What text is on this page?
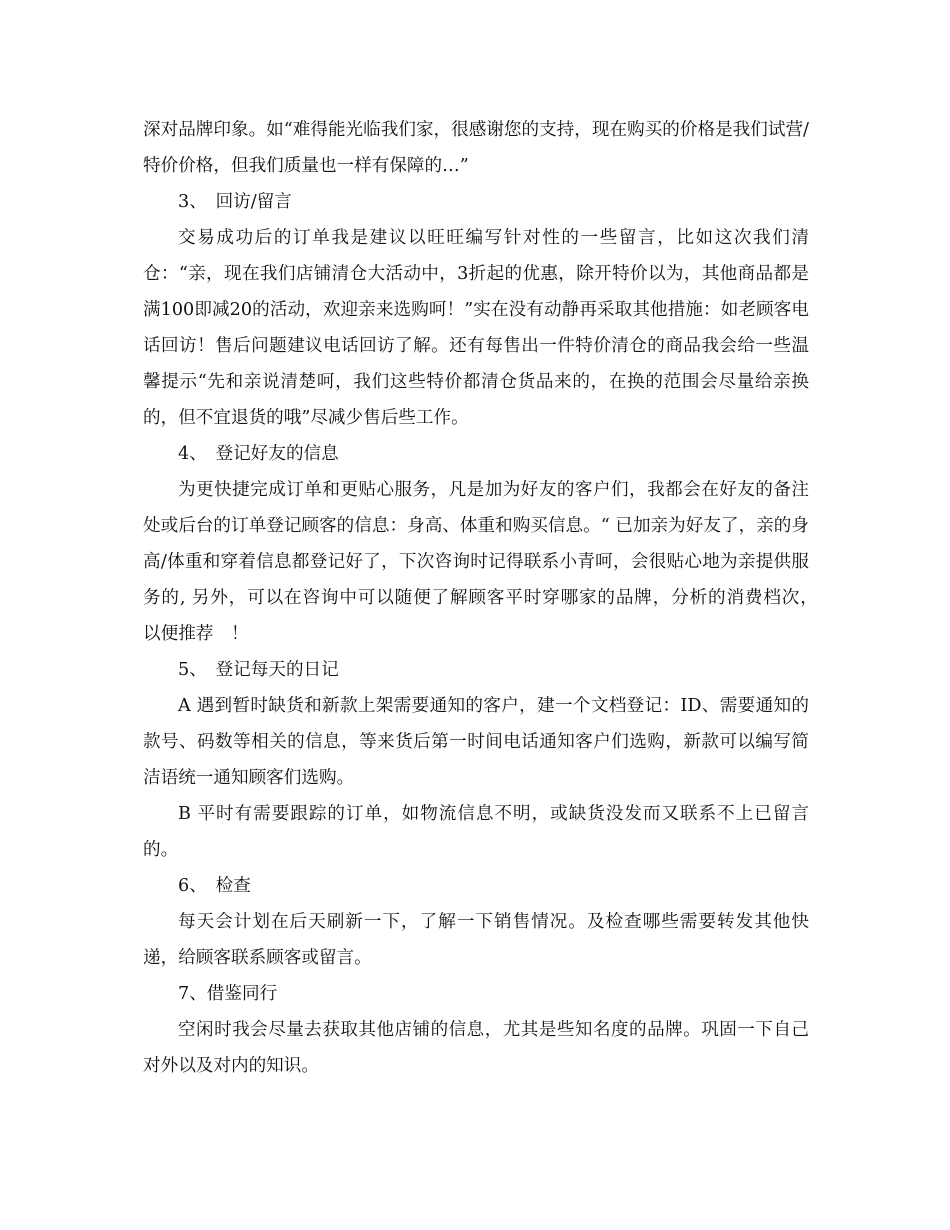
深对品牌印象。如“难得能光临我们家，很感谢您的支持，现在购买的价格是我们试营/特价价格，但我们质量也一样有保障的…”

3、　回访/留言

交易成功后的订单我是建议以旺旺编写针对性的一些留言，比如这次我们清仓：“亲，现在我们店铺清仓大活动中，3折起的优惠，除开特价以为，其他商品都是满100即减20的活动，欢迎亲来选购呵！”实在没有动静再采取其他措施：如老顾客电话回访！售后问题建议电话回访了解。还有每售出一件特价清仓的商品我会给一些温馨提示“先和亲说清楚呵，我们这些特价都清仓货品来的，在换的范围会尽量给亲换的，但不宜退货的哦”尽减少售后些工作。

4、　登记好友的信息

为更快捷完成订单和更贴心服务，凡是加为好友的客户们，我都会在好友的备注处或后台的订单登记顾客的信息：身高、体重和购买信息。“ 已加亲为好友了，亲的身高/体重和穿着信息都登记好了，下次咨询时记得联系小青呵，会很贴心地为亲提供服务的, 另外，可以在咨询中可以随便了解顾客平时穿哪家的品牌，分析的消费档次，　以便推荐　！

5、　登记每天的日记

A 遇到暂时缺货和新款上架需要通知的客户，建一个文档登记：ID、需要通知的款号、码数等相关的信息，等来货后第一时间电话通知客户们选购，新款可以编写简洁语统一通知顾客们选购。

B 平时有需要跟踪的订单，如物流信息不明，或缺货没发而又联系不上已留言的。

6、　检查

每天会计划在后天刷新一下，了解一下销售情况。及检查哪些需要转发其他快递，给顾客联系顾客或留言。

7、借鉴同行

空闲时我会尽量去获取其他店铺的信息，尤其是些知名度的品牌。巩固一下自己对外以及对内的知识。
